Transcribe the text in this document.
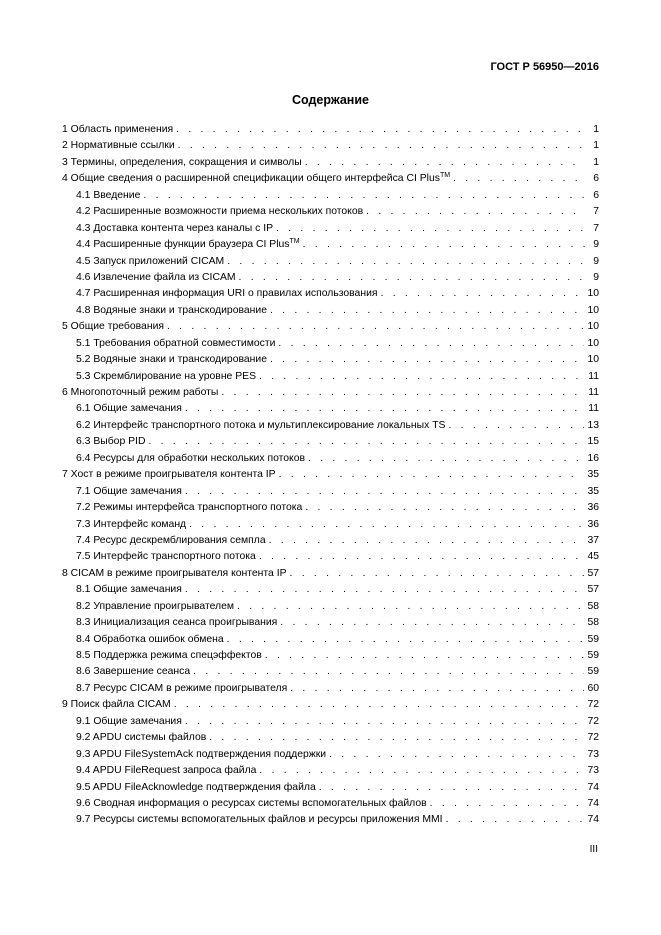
ГОСТ Р 56950—2016
Содержание
1 Область применения . . .	1
2 Нормативные ссылки . . .	1
3 Термины, определения, сокращения и символы . . .	1
4 Общие сведения о расширенной спецификации общего интерфейса CI Plus™ . . .	6
4.1 Введение . . .	6
4.2 Расширенные возможности приема нескольких потоков . . .	7
4.3 Доставка контента через каналы с IP . . .	7
4.4 Расширенные функции браузера CI Plus™ . . .	9
4.5 Запуск приложений CICAM . . .	9
4.6 Извлечение файла из CICAM . . .	9
4.7 Расширенная информация URI о правилах использования . . .	10
4.8 Водяные знаки и транскодирование . . .	10
5 Общие требования . . .	10
5.1 Требования обратной совместимости . . .	10
5.2 Водяные знаки и транскодирование . . .	10
5.3 Скремблирование на уровне PES . . .	11
6 Многопоточный режим работы . . .	11
6.1 Общие замечания . . .	11
6.2 Интерфейс транспортного потока и мультиплексирование локальных TS . . .	13
6.3 Выбор PID . . .	15
6.4 Ресурсы для обработки нескольких потоков . . .	16
7 Хост в режиме проигрывателя контента IP . . .	35
7.1 Общие замечания . . .	35
7.2 Режимы интерфейса транспортного потока . . .	36
7.3 Интерфейс команд . . .	36
7.4 Ресурс дескремблирования семпла . . .	37
7.5 Интерфейс транспортного потока . . .	45
8 CICAM в режиме проигрывателя контента IP . . .	57
8.1 Общие замечания . . .	57
8.2 Управление проигрывателем . . .	58
8.3 Инициализация сеанса проигрывания . . .	58
8.4 Обработка ошибок обмена . . .	59
8.5 Поддержка режима спецэффектов . . .	59
8.6 Завершение сеанса . . .	59
8.7 Ресурс CICAM в режиме проигрывателя . . .	60
9 Поиск файла CICAM . . .	72
9.1 Общие замечания . . .	72
9.2 APDU системы файлов . . .	72
9.3 APDU FileSystemAck подтверждения поддержки . . .	73
9.4 APDU FileRequest запроса файла . . .	73
9.5 APDU FileAcknowledge подтверждения файла . . .	74
9.6 Сводная информация о ресурсах системы вспомогательных файлов . . .	74
9.7 Ресурсы системы вспомогательных файлов и ресурсы приложения MMI . . .	74
III
